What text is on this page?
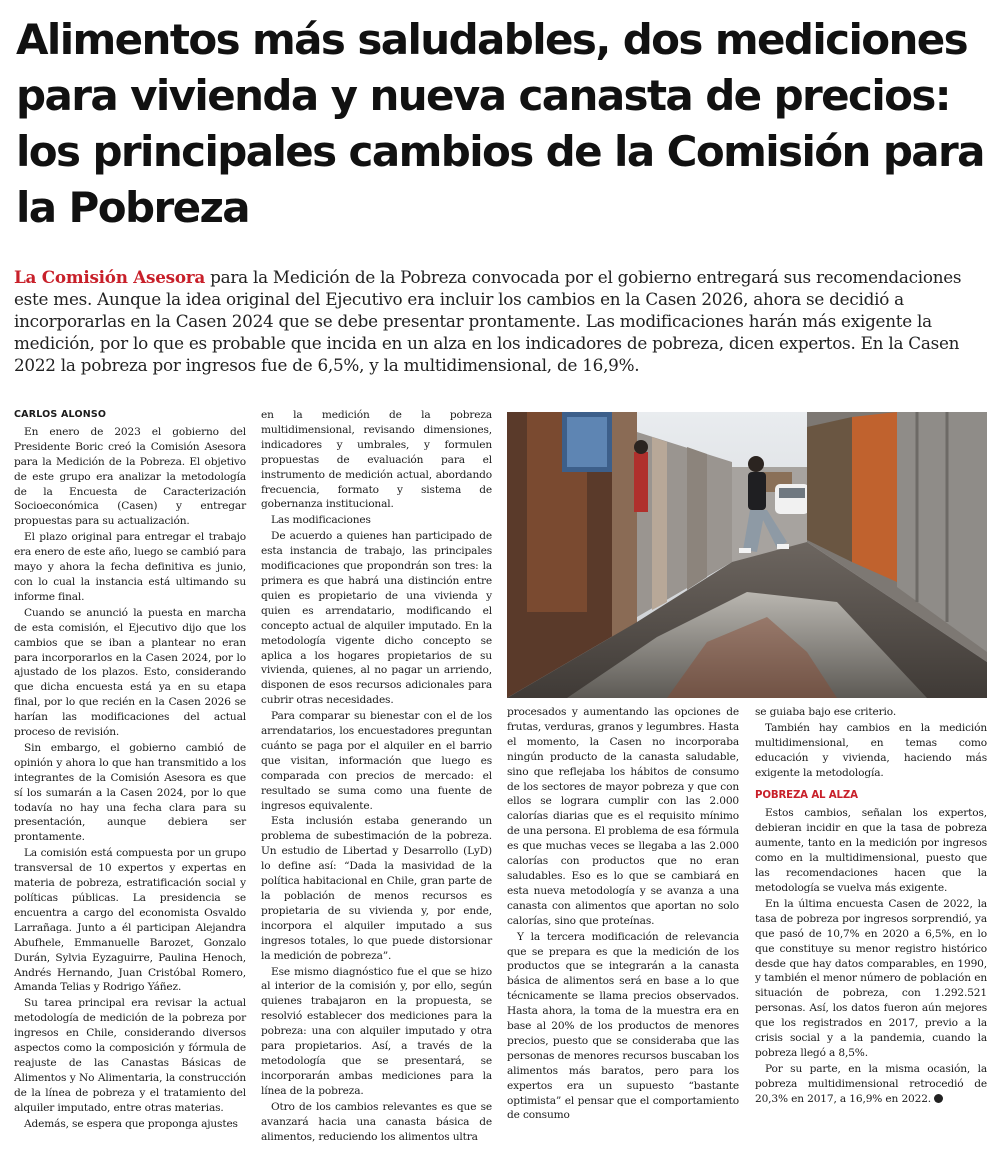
Alimentos más saludables, dos mediciones para vivienda y nueva canasta de precios: los principales cambios de la Comisión para la Pobreza
La Comisión Asesora para la Medición de la Pobreza convocada por el gobierno entregará sus recomendaciones este mes. Aunque la idea original del Ejecutivo era incluir los cambios en la Casen 2026, ahora se decidió a incorporarlas en la Casen 2024 que se debe presentar prontamente. Las modificaciones harán más exigente la medición, por lo que es probable que incida en un alza en los indicadores de pobreza, dicen expertos. En la Casen 2022 la pobreza por ingresos fue de 6,5%, y la multidimensional, de 16,9%.
CARLOS ALONSO

En enero de 2023 el gobierno del Presidente Boric creó la Comisión Asesora para la Medición de la Pobreza. El objetivo de este grupo era analizar la metodología de la Encuesta de Caracterización Socioeconómica (Casen) y entregar propuestas para su actualización.

El plazo original para entregar el trabajo era enero de este año, luego se cambió para mayo y ahora la fecha definitiva es junio, con lo cual la instancia está ultimando su informe final.

Cuando se anunció la puesta en marcha de esta comisión, el Ejecutivo dijo que los cambios que se iban a plantear no eran para incorporarlos en la Casen 2024, por lo ajustado de los plazos. Esto, considerando que dicha encuesta está ya en su etapa final, por lo que recién en la Casen 2026 se harían las modificaciones del actual proceso de revisión.

Sin embargo, el gobierno cambió de opinión y ahora lo que han transmitido a los integrantes de la Comisión Asesora es que sí los sumarán a la Casen 2024, por lo que todavía no hay una fecha clara para su presentación, aunque debiera ser prontamente.

La comisión está compuesta por un grupo transversal de 10 expertos y expertas en materia de pobreza, estratificación social y políticas públicas. La presidencia se encuentra a cargo del economista Osvaldo Larrañaga. Junto a él participan Alejandra Abufhele, Emmanuelle Barozet, Gonzalo Durán, Sylvia Eyzaguirre, Paulina Henoch, Andrés Hernando, Juan Cristóbal Romero, Amanda Telias y Rodrigo Yáñez.

Su tarea principal era revisar la actual metodología de medición de la pobreza por ingresos en Chile, considerando diversos aspectos como la composición y fórmula de reajuste de las Canastas Básicas de Alimentos y No Alimentaria, la construcción de la línea de pobreza y el tratamiento del alquiler imputado, entre otras materias.

Además, se espera que proponga ajustes

en la medición de la pobreza multidimensional, revisando dimensiones, indicadores y umbrales, y formulen propuestas de evaluación para el instrumento de medición actual, abordando frecuencia, formato y sistema de gobernanza institucional.

Las modificaciones

De acuerdo a quienes han participado de esta instancia de trabajo, las principales modificaciones que propondrán son tres: la primera es que habrá una distinción entre quien es propietario de una vivienda y quien es arrendatario, modificando el concepto actual de alquiler imputado. En la metodología vigente dicho concepto se aplica a los hogares propietarios de su vivienda, quienes, al no pagar un arriendo, disponen de esos recursos adicionales para cubrir otras necesidades.

Para comparar su bienestar con el de los arrendatarios, los encuestadores preguntan cuánto se paga por el alquiler en el barrio que visitan, información que luego es comparada con precios de mercado: el resultado se suma como una fuente de ingresos equivalente.

Esta inclusión estaba generando un problema de subestimación de la pobreza. Un estudio de Libertad y Desarrollo (LyD) lo define así: “Dada la masividad de la política habitacional en Chile, gran parte de la población de menos recursos es propietaria de su vivienda y, por ende, incorpora el alquiler imputado a sus ingresos totales, lo que puede distorsionar la medición de pobreza”.

Ese mismo diagnóstico fue el que se hizo al interior de la comisión y, por ello, según quienes trabajaron en la propuesta, se resolvió establecer dos mediciones para la pobreza: una con alquiler imputado y otra para propietarios. Así, a través de la metodología que se presentará, se incorporarán ambas mediciones para la línea de la pobreza.

Otro de los cambios relevantes es que se avanzará hacia una canasta básica de alimentos, reduciendo los alimentos ultra

procesados y aumentando las opciones de frutas, verduras, granos y legumbres. Hasta el momento, la Casen no incorporaba ningún producto de la canasta saludable, sino que reflejaba los hábitos de consumo de los sectores de mayor pobreza y que con ellos se lograra cumplir con las 2.000 calorías diarias que es el requisito mínimo de una persona. El problema de esa fórmula es que muchas veces se llegaba a las 2.000 calorías con productos que no eran saludables. Eso es lo que se cambiará en esta nueva metodología y se avanza a una canasta con alimentos que aportan no solo calorías, sino que proteínas.

Y la tercera modificación de relevancia que se prepara es que la medición de los productos que se integrarán a la canasta básica de alimentos será en base a lo que técnicamente se llama precios observados. Hasta ahora, la toma de la muestra era en base al 20% de los productos de menores precios, puesto que se consideraba que las personas de menores recursos buscaban los alimentos más baratos, pero para los expertos era un supuesto “bastante optimista” el pensar que el comportamiento de consumo

se guiaba bajo ese criterio.

También hay cambios en la medición multidimensional, en temas como educación y vivienda, haciendo más exigente la metodología.

POBREZA AL ALZA

Estos cambios, señalan los expertos, debieran incidir en que la tasa de pobreza aumente, tanto en la medición por ingresos como en la multidimensional, puesto que las recomendaciones hacen que la metodología se vuelva más exigente.

En la última encuesta Casen de 2022, la tasa de pobreza por ingresos sorprendió, ya que pasó de 10,7% en 2020 a 6,5%, en lo que constituye su menor registro histórico desde que hay datos comparables, en 1990, y también el menor número de población en situación de pobreza, con 1.292.521 personas. Así, los datos fueron aún mejores que los registrados en 2017, previo a la crisis social y a la pandemia, cuando la pobreza llegó a 8,5%.

Por su parte, en la misma ocasión, la pobreza multidimensional retrocedió de 20,3% en 2017, a 16,9% en 2022.
